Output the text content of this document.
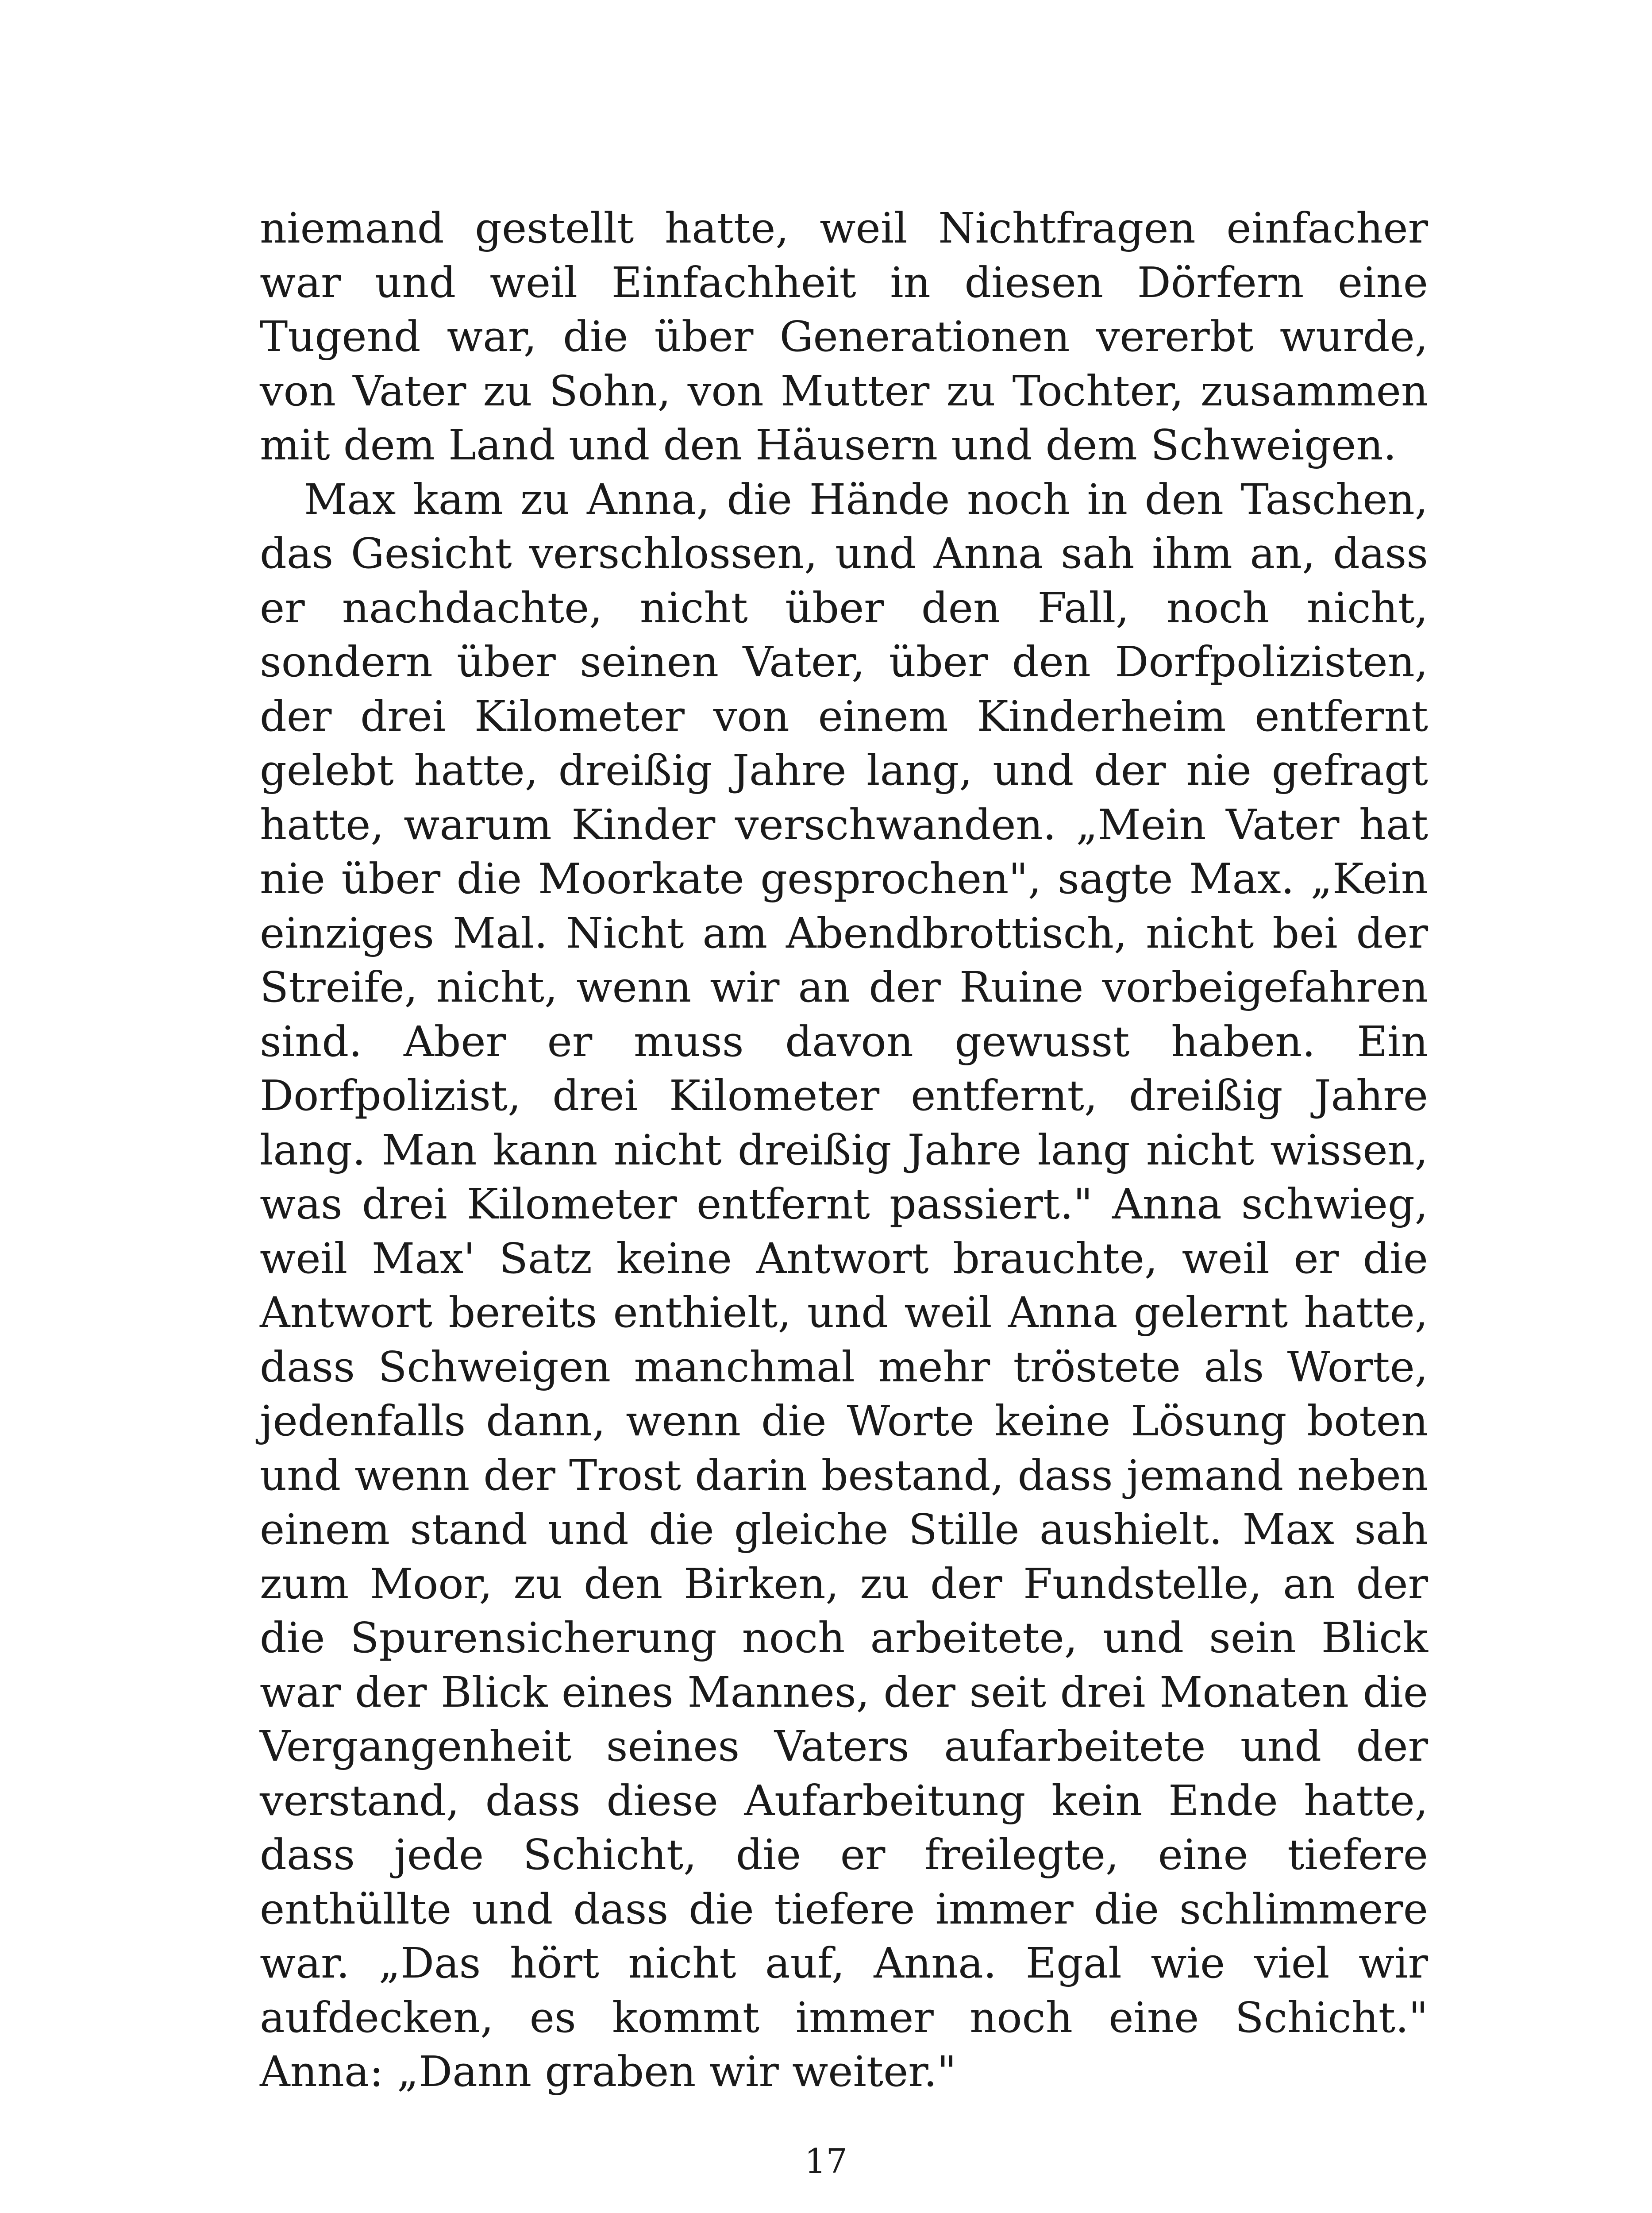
niemand gestellt hatte, weil Nichtfragen einfacher war und weil Einfachheit in diesen Dörfern eine Tugend war, die über Generationen vererbt wurde, von Vater zu Sohn, von Mutter zu Tochter, zusammen mit dem Land und den Häusern und dem Schweigen.

Max kam zu Anna, die Hände noch in den Taschen, das Gesicht verschlossen, und Anna sah ihm an, dass er nachdachte, nicht über den Fall, noch nicht, sondern über seinen Vater, über den Dorfpolizisten, der drei Kilometer von einem Kinderheim entfernt gelebt hatte, dreißig Jahre lang, und der nie gefragt hatte, warum Kinder verschwanden. „Mein Vater hat nie über die Moorkate gesprochen", sagte Max. „Kein einziges Mal. Nicht am Abendbrottisch, nicht bei der Streife, nicht, wenn wir an der Ruine vorbeigefahren sind. Aber er muss davon gewusst haben. Ein Dorfpolizist, drei Kilometer entfernt, dreißig Jahre lang. Man kann nicht dreißig Jahre lang nicht wissen, was drei Kilometer entfernt passiert." Anna schwieg, weil Max' Satz keine Antwort brauchte, weil er die Antwort bereits enthielt, und weil Anna gelernt hatte, dass Schweigen manchmal mehr tröstete als Worte, jedenfalls dann, wenn die Worte keine Lösung boten und wenn der Trost darin bestand, dass jemand neben einem stand und die gleiche Stille aushielt. Max sah zum Moor, zu den Birken, zu der Fundstelle, an der die Spurensicherung noch arbeitete, und sein Blick war der Blick eines Mannes, der seit drei Monaten die Vergangenheit seines Vaters aufarbeitete und der verstand, dass diese Aufarbeitung kein Ende hatte, dass jede Schicht, die er freilegte, eine tiefere enthüllte und dass die tiefere immer die schlimmere war. „Das hört nicht auf, Anna. Egal wie viel wir aufdecken, es kommt immer noch eine Schicht." Anna: „Dann graben wir weiter."

17
